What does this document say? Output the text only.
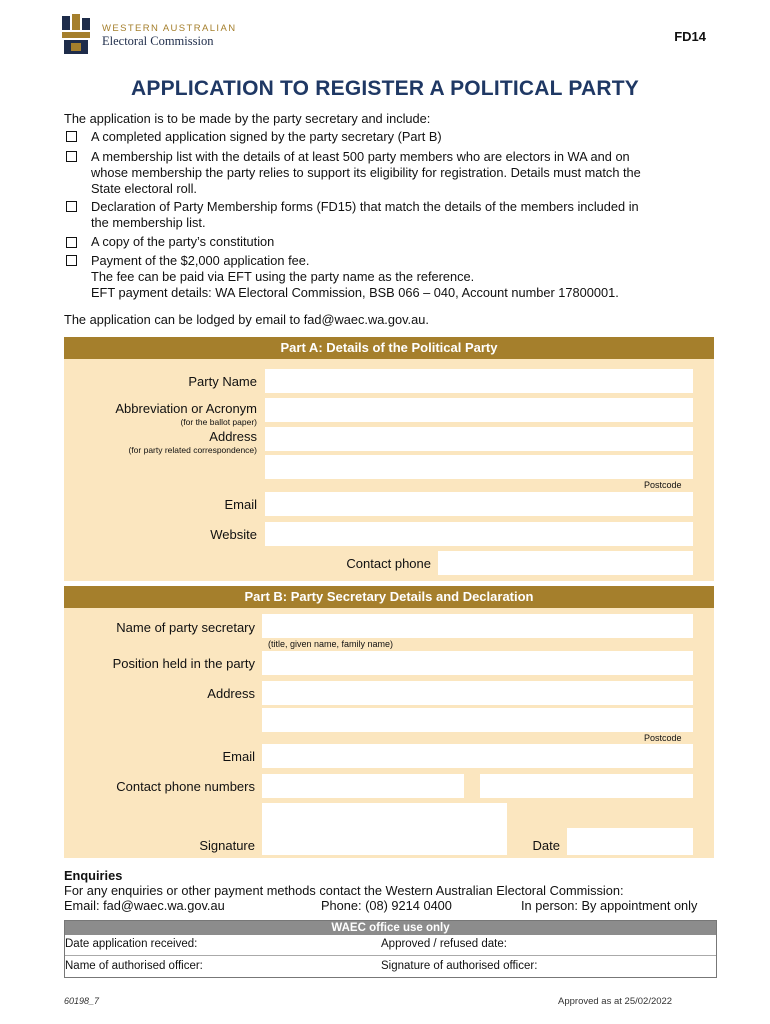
WESTERN AUSTRALIAN
Electoral Commission	FD14
APPLICATION TO REGISTER A POLITICAL PARTY
The application is to be made by the party secretary and include:
A completed application signed by the party secretary (Part B)
A membership list with the details of at least 500 party members who are electors in WA and on
whose membership the party relies to support its eligibility for registration. Details must match the
State electoral roll.
Declaration of Party Membership forms (FD15) that match the details of the members included in
the membership list.
A copy of the party’s constitution
Payment of the $2,000 application fee.
The fee can be paid via EFT using the party name as the reference.
EFT payment details: WA Electoral Commission, BSB 066 – 040, Account number 17800001.
The application can be lodged by email to fad@waec.wa.gov.au.
Part A: Details of the Political Party
Party Name
Abbreviation or Acronym
(for the ballot paper)
Address
(for party related correspondence)
Postcode
Email
Website
Contact phone
Part B: Party Secretary Details and Declaration
Name of party secretary
(title, given name, family name)
Position held in the party
Address
Postcode
Email
Contact phone numbers
Signature	Date
Enquiries
For any enquiries or other payment methods contact the Western Australian Electoral Commission:
Email: fad@waec.wa.gov.au	Phone: (08) 9214 0400	In person: By appointment only
WAEC office use only
Date application received:	Approved / refused date:
Name of authorised officer:	Signature of authorised officer:
60198_7	Approved as at 25/02/2022
